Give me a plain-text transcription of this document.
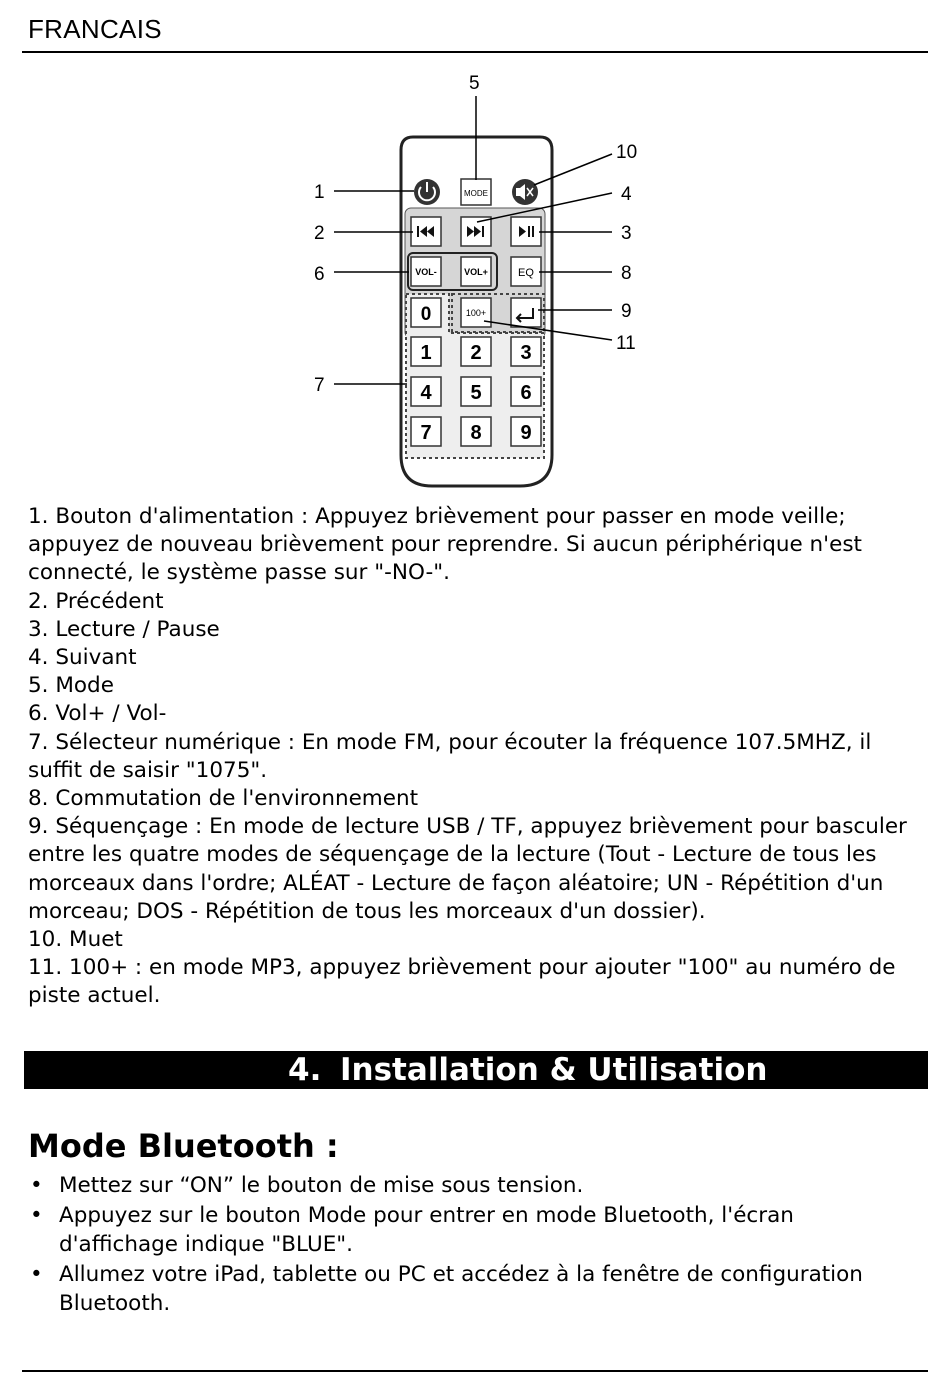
FRANCAIS
MODE
VOL-	VOL+	EQ
0	100+
1 2 3
4 5 6
7 8 9
1
2
6
7
5
10
4
3
8
9
11
1. Bouton d'alimentation : Appuyez brièvement pour passer en mode veille; appuyez de nouveau brièvement pour reprendre. Si aucun périphérique n'est connecté, le système passe sur "-NO-".
2. Précédent
3. Lecture / Pause
4. Suivant
5. Mode
6. Vol+ / Vol-
7. Sélecteur numérique : En mode FM, pour écouter la fréquence 107.5MHZ, il suffit de saisir "1075".
8. Commutation de l'environnement
9. Séquençage : En mode de lecture USB / TF, appuyez brièvement pour basculer entre les quatre modes de séquençage de la lecture (Tout - Lecture de tous les morceaux dans l'ordre; ALÉAT - Lecture de façon aléatoire; UN - Répétition d'un morceau; DOS - Répétition de tous les morceaux d'un dossier).
10. Muet
11. 100+ : en mode MP3, appuyez brièvement pour ajouter "100" au numéro de piste actuel.
4. Installation & Utilisation
Mode Bluetooth :
• Mettez sur “ON” le bouton de mise sous tension.
• Appuyez sur le bouton Mode pour entrer en mode Bluetooth, l'écran d'affichage indique "BLUE".
• Allumez votre iPad, tablette ou PC et accédez à la fenêtre de configuration Bluetooth.
